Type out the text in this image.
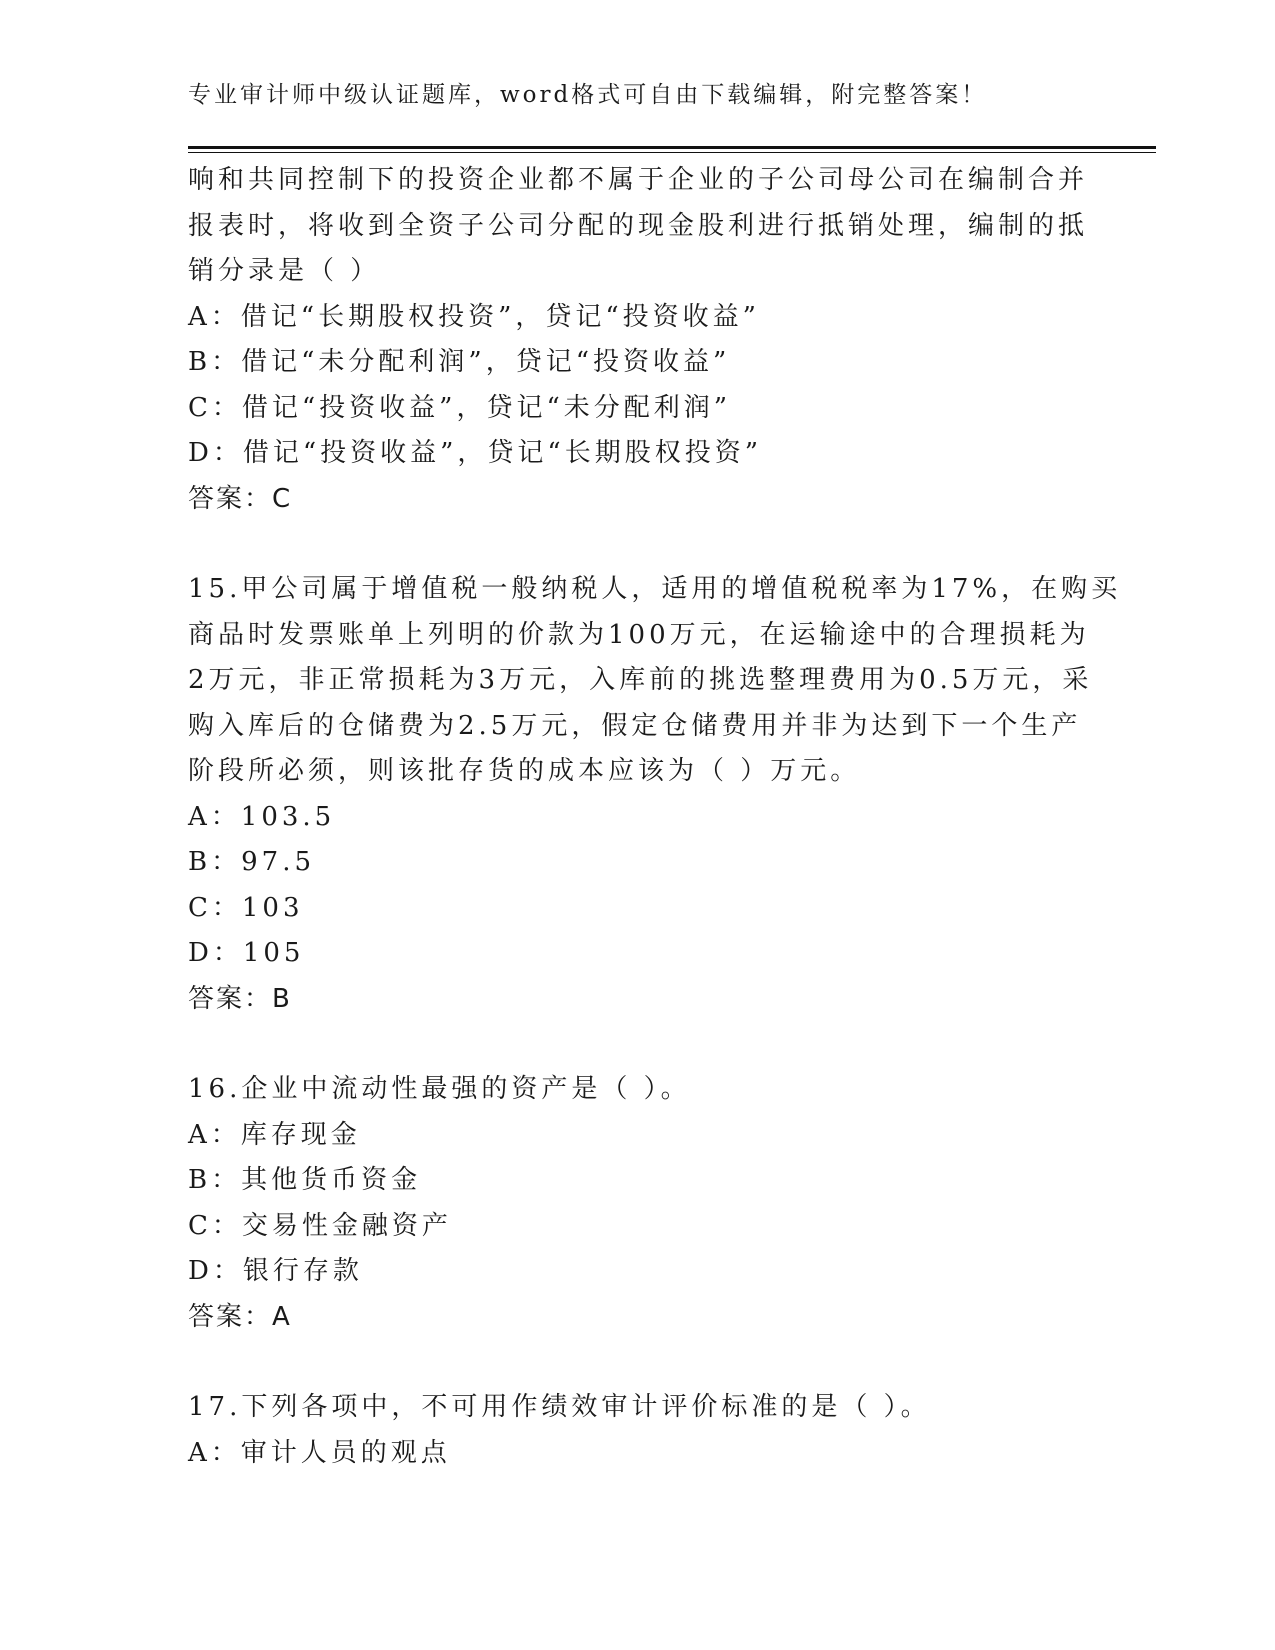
专业审计师中级认证题库，word格式可自由下载编辑，附完整答案！
响和共同控制下的投资企业都不属于企业的子公司母公司在编制合并
报表时，将收到全资子公司分配的现金股利进行抵销处理，编制的抵
销分录是（ ）
A：借记“长期股权投资”，贷记“投资收益”
B：借记“未分配利润”，贷记“投资收益”
C：借记“投资收益”，贷记“未分配利润”
D：借记“投资收益”，贷记“长期股权投资”
答案：C
15.甲公司属于增值税一般纳税人，适用的增值税税率为17%，在购买
商品时发票账单上列明的价款为100万元，在运输途中的合理损耗为
2万元，非正常损耗为3万元，入库前的挑选整理费用为0.5万元，采
购入库后的仓储费为2.5万元，假定仓储费用并非为达到下一个生产
阶段所必须，则该批存货的成本应该为（ ）万元。
A：103.5
B：97.5
C：103
D：105
答案：B
16.企业中流动性最强的资产是（ ）。
A：库存现金
B：其他货币资金
C：交易性金融资产
D：银行存款
答案：A
17.下列各项中，不可用作绩效审计评价标准的是（ ）。
A：审计人员的观点
